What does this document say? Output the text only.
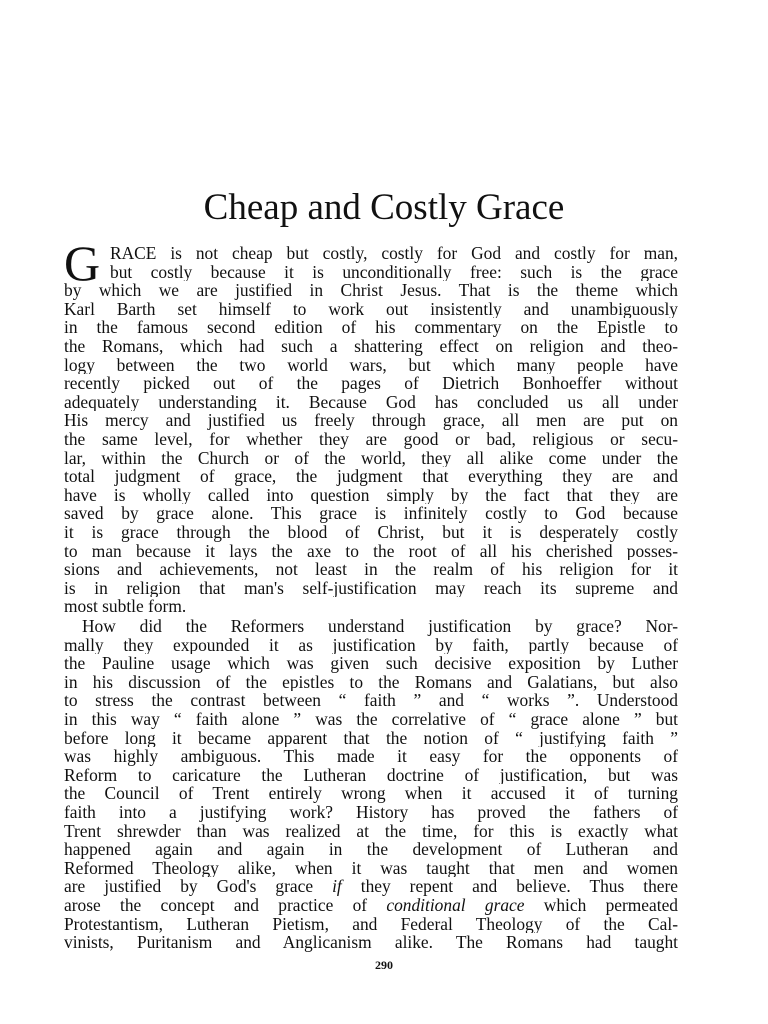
Cheap and Costly Grace
G RACE is not cheap but costly, costly for God and costly for man,
but costly because it is unconditionally free: such is the grace
by which we are justified in Christ Jesus. That is the theme which
Karl Barth set himself to work out insistently and unambiguously
in the famous second edition of his commentary on the Epistle to
the Romans, which had such a shattering effect on religion and theo-
logy between the two world wars, but which many people have
recently picked out of the pages of Dietrich Bonhoeffer without
adequately understanding it. Because God has concluded us all under
His mercy and justified us freely through grace, all men are put on
the same level, for whether they are good or bad, religious or secu-
lar, within the Church or of the world, they all alike come under the
total judgment of grace, the judgment that everything they are and
have is wholly called into question simply by the fact that they are
saved by grace alone. This grace is infinitely costly to God because
it is grace through the blood of Christ, but it is desperately costly
to man because it lays the axe to the root of all his cherished posses-
sions and achievements, not least in the realm of his religion for it
is in religion that man's self-justification may reach its supreme and
most subtle form.
How did the Reformers understand justification by grace? Nor-
mally they expounded it as justification by faith, partly because of
the Pauline usage which was given such decisive exposition by Luther
in his discussion of the epistles to the Romans and Galatians, but also
to stress the contrast between “ faith ” and “ works ”. Understood
in this way “ faith alone ” was the correlative of “ grace alone ” but
before long it became apparent that the notion of “ justifying faith ”
was highly ambiguous. This made it easy for the opponents of
Reform to caricature the Lutheran doctrine of justification, but was
the Council of Trent entirely wrong when it accused it of turning
faith into a justifying work? History has proved the fathers of
Trent shrewder than was realized at the time, for this is exactly what
happened again and again in the development of Lutheran and
Reformed Theology alike, when it was taught that men and women
are justified by God's grace if they repent and believe. Thus there
arose the concept and practice of conditional grace which permeated
Protestantism, Lutheran Pietism, and Federal Theology of the Cal-
vinists, Puritanism and Anglicanism alike. The Romans had taught
290
